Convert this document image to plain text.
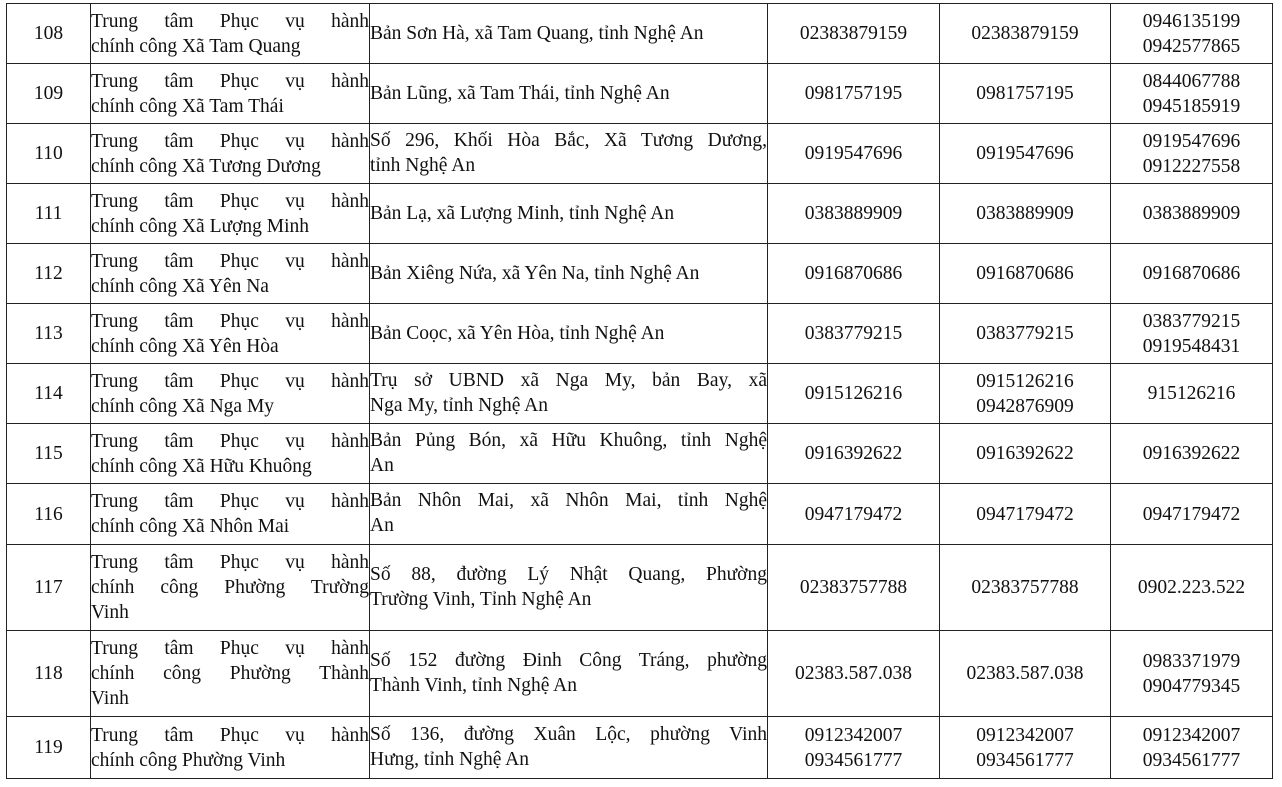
108	Trung tâm Phục vụ hành
chính công Xã Tam Quang	Bản Sơn Hà, xã Tam Quang, tỉnh Nghệ An	02383879159	02383879159	0946135199
0942577865

109	Trung tâm Phục vụ hành
chính công Xã Tam Thái	Bản Lũng, xã Tam Thái, tỉnh Nghệ An	0981757195	0981757195	0844067788
0945185919

110	Trung tâm Phục vụ hành
chính công Xã Tương Dương	Số 296, Khối Hòa Bắc, Xã Tương Dương,
tỉnh Nghệ An	0919547696	0919547696	0919547696
0912227558

111	Trung tâm Phục vụ hành
chính công Xã Lượng Minh	Bản Lạ, xã Lượng Minh, tỉnh Nghệ An	0383889909	0383889909	0383889909

112	Trung tâm Phục vụ hành
chính công Xã Yên Na	Bản Xiêng Nứa, xã Yên Na, tỉnh Nghệ An	0916870686	0916870686	0916870686

113	Trung tâm Phục vụ hành
chính công Xã Yên Hòa	Bản Coọc, xã Yên Hòa, tỉnh Nghệ An	0383779215	0383779215	0383779215
0919548431

114	Trung tâm Phục vụ hành
chính công Xã Nga My	Trụ sở UBND xã Nga My, bản Bay, xã
Nga My, tỉnh Nghệ An	0915126216	0915126216
0942876909	915126216

115	Trung tâm Phục vụ hành
chính công Xã Hữu Khuông	Bản Pủng Bón, xã Hữu Khuông, tỉnh Nghệ
An	0916392622	0916392622	0916392622

116	Trung tâm Phục vụ hành
chính công Xã Nhôn Mai	Bản Nhôn Mai, xã Nhôn Mai, tỉnh Nghệ
An	0947179472	0947179472	0947179472

117	Trung tâm Phục vụ hành
chính công Phường Trường
Vinh	Số 88, đường Lý Nhật Quang, Phường
Trường Vinh, Tỉnh Nghệ An	02383757788	02383757788	0902.223.522

118	Trung tâm Phục vụ hành
chính công Phường Thành
Vinh	Số 152 đường Đinh Công Tráng, phường
Thành Vinh, tỉnh Nghệ An	02383.587.038	02383.587.038	0983371979
0904779345

119	Trung tâm Phục vụ hành
chính công Phường Vinh	Số 136, đường Xuân Lộc, phường Vinh
Hưng, tỉnh Nghệ An	0912342007
0934561777	0912342007
0934561777	0912342007
0934561777
